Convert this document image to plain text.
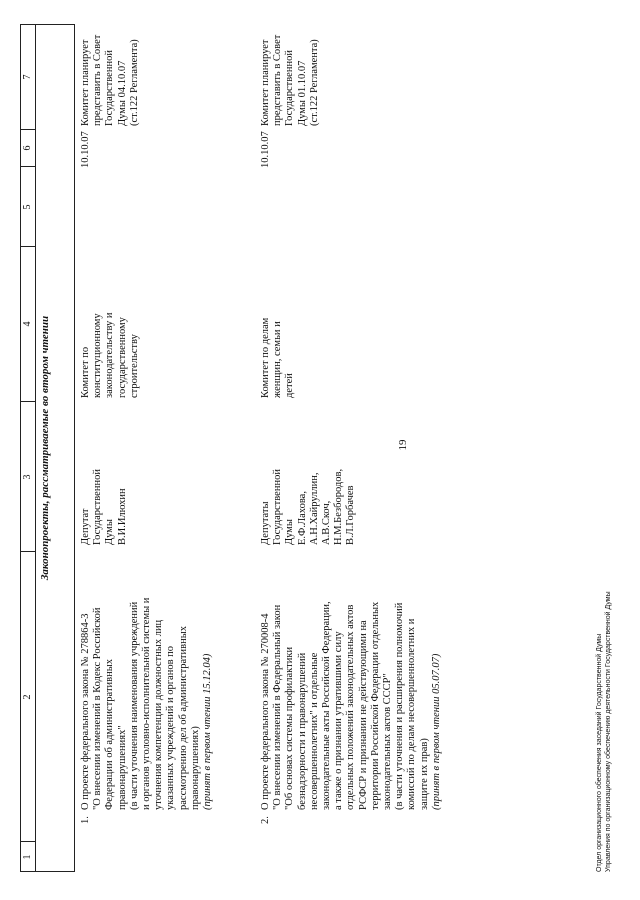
19
1
2
3
4
5
6
7
Законопроекты, рассматриваемые во втором чтении
1.
О проекте федерального закона № 278864-3 "О внесении изменений в Кодекс Российской Федерации об административных правонарушениях" (в части уточнения наименования учреждений и органов уголовно-исполнительной системы и уточнения компетенции должностных лиц указанных учреждений и органов по рассмотрению дел об административных правонарушениях) (принят в первом чтении 15.12.04)
Депутат Государственной Думы В.И.Илюхин
Комитет по конституционному законодательству и государственному строительству
10.10.07
Комитет планирует представить в Совет Государственной Думы 04.10.07 (ст.122 Регламента)
2.
О проекте федерального закона № 270008-4 "О внесении изменений в Федеральный закон "Об основах системы профилактики безнадзорности и правонарушений несовершеннолетних" и отдельные законодательные акты Российской Федерации, а также о признании утратившими силу отдельных положений законодательных актов РСФСР и признании не действующими на территории Российской Федерации отдельных законодательных актов СССР" (в части уточнения и расширения полномочий комиссий по делам несовершеннолетних и защите их прав) (принят в первом чтении 05.07.07)
Депутаты Государственной Думы Е.Ф.Лахова, А.Н.Хайруллин, А.В.Скоч, Н.М.Безбородов, В.Л.Горбачев
Комитет по делам женщин, семьи и детей
10.10.07
Комитет планирует представить в Совет Государственной Думы 01.10.07 (ст.122 Регламента)
Отдел организационного обеспечения заседаний Государственной Думы Управления по организационному обеспечению деятельности Государственной Думы
